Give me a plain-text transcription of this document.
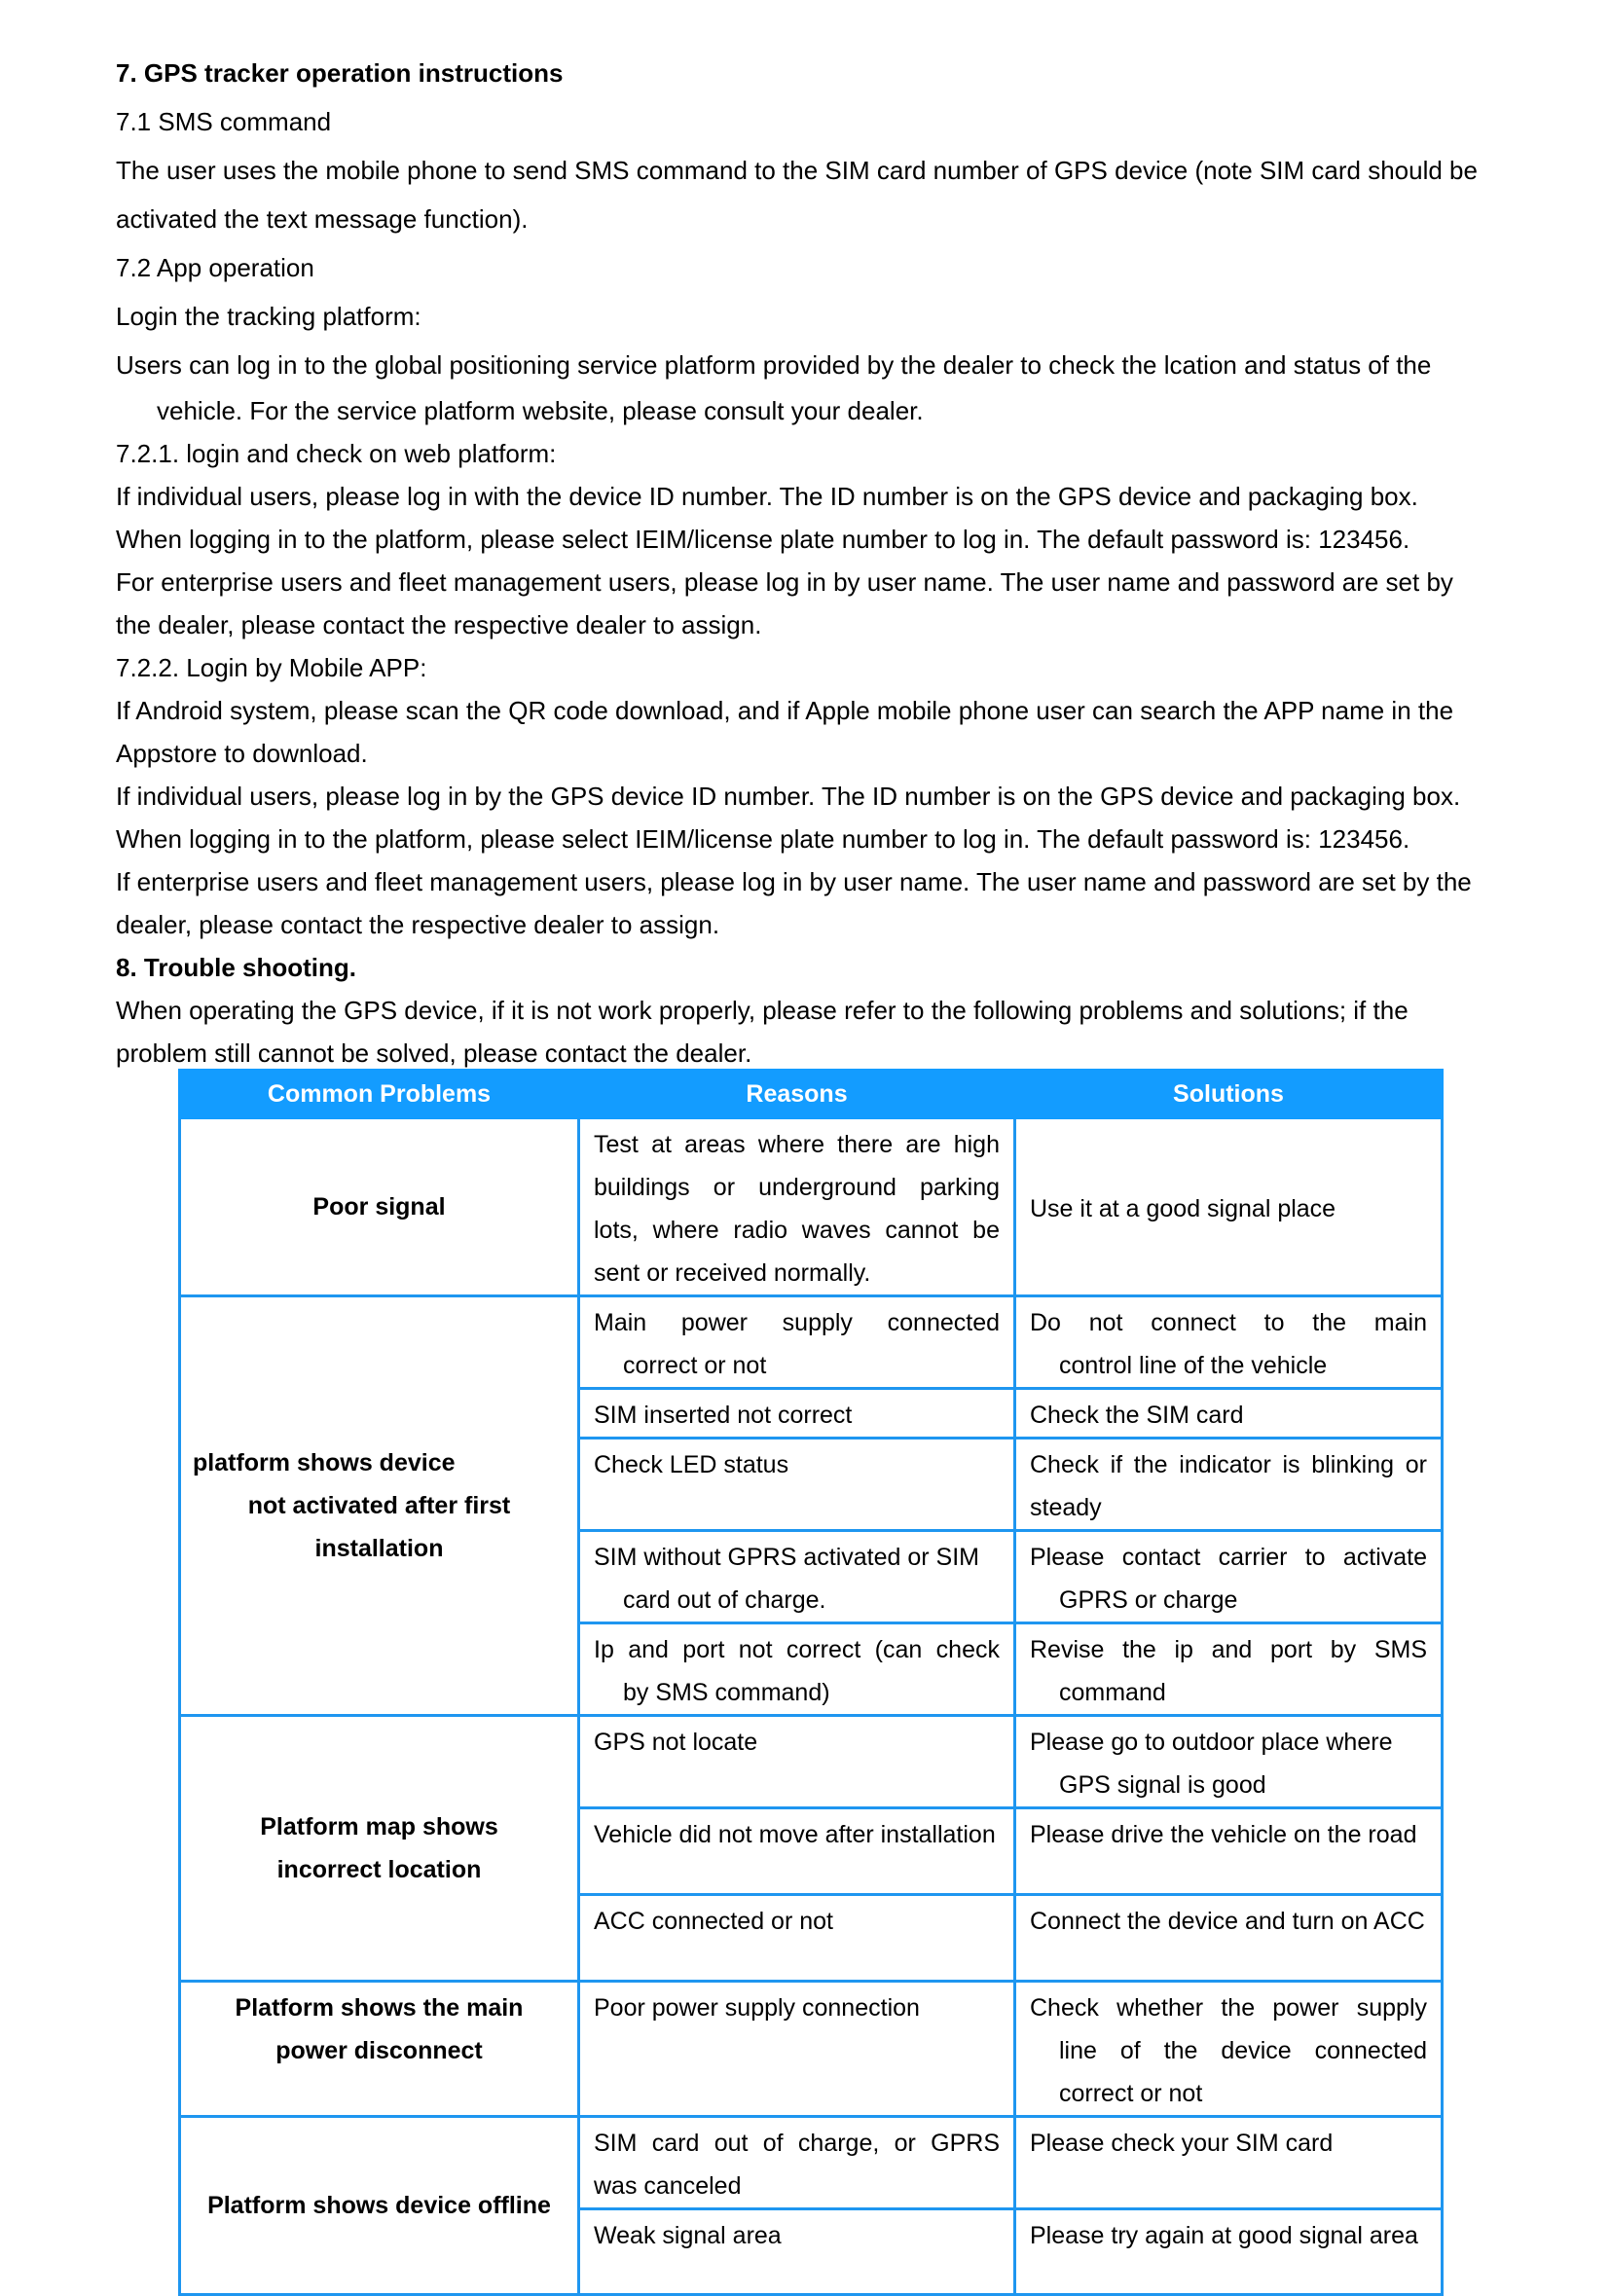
7. GPS tracker operation instructions
7.1 SMS command
The user uses the mobile phone to send SMS command to the SIM card number of GPS device (note SIM card should be
activated the text message function).
7.2 App operation
Login the tracking platform:
Users can log in to the global positioning service platform provided by the dealer to check the lcation and status of the
vehicle. For the service platform website, please consult your dealer.
7.2.1. login and check on web platform:
If individual users, please log in with the device ID number. The ID number is on the GPS device and packaging box.
When logging in to the platform, please select IEIM/license plate number to log in. The default password is: 123456.
For enterprise users and fleet management users, please log in by user name. The user name and password are set by
the dealer, please contact the respective dealer to assign.
7.2.2. Login by Mobile APP:
If Android system, please scan the QR code download, and if Apple mobile phone user can search the APP name in the
Appstore to download.
If individual users, please log in by the GPS device ID number. The ID number is on the GPS device and packaging box.
When logging in to the platform, please select IEIM/license plate number to log in. The default password is: 123456.
If enterprise users and fleet management users, please log in by user name. The user name and password are set by the
dealer, please contact the respective dealer to assign.
8. Trouble shooting.
When operating the GPS device, if it is not work properly, please refer to the following problems and solutions; if the
problem still cannot be solved, please contact the dealer.
Common Problems	Reasons	Solutions
Poor signal	Test at areas where there are high buildings or underground parking lots, where radio waves cannot be sent or received normally.	Use it at a good signal place

platform shows device
not activated after first
installation	Main power supply connected
correct or not	Do not connect to the main
control line of the vehicle

	SIM inserted not correct	Check the SIM card
	Check LED status	Check if the indicator is blinking or steady

	SIM without GPRS activated or SIM
card out of charge.	Please contact carrier to activate
GPRS or charge

	Ip and port not correct (can check
by SMS command)	Revise the ip and port by SMS
command

Platform map shows
incorrect location	GPS not locate	Please go to outdoor place where
GPS signal is good

	Vehicle did not move after installation	Please drive the vehicle on the road
	ACC connected or not	Connect the device and turn on ACC

Platform shows the main
power disconnect	Poor power supply connection	Check whether the power supply
line of the device connected
correct or not

Platform shows device offline	SIM card out of charge, or GPRS was canceled	Please check your SIM card
	Weak signal area	Please try again at good signal area
